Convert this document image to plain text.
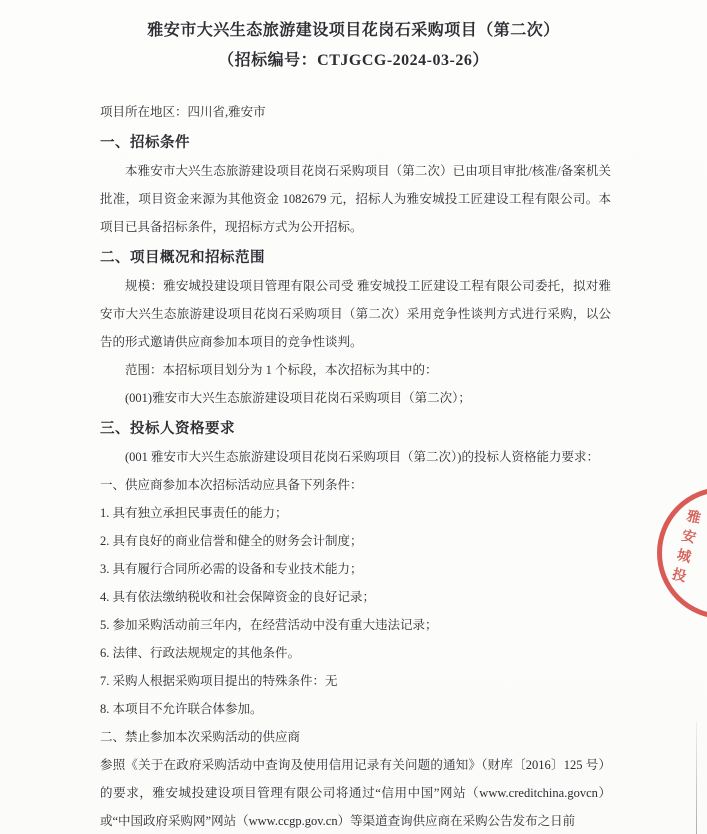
雅安市大兴生态旅游建设项目花岗石采购项目（第二次）
（招标编号：CTJGCG-2024-03-26）

项目所在地区：四川省,雅安市

一、招标条件

本雅安市大兴生态旅游建设项目花岗石采购项目（第二次）已由项目审批/核准/备案机关批准，项目资金来源为其他资金 1082679 元，招标人为雅安城投工匠建设工程有限公司。本项目已具备招标条件，现招标方式为公开招标。

二、项目概况和招标范围

规模：雅安城投建设项目管理有限公司受 雅安城投工匠建设工程有限公司委托，拟对雅安市大兴生态旅游建设项目花岗石采购项目（第二次）采用竞争性谈判方式进行采购，以公告的形式邀请供应商参加本项目的竞争性谈判。

范围：本招标项目划分为 1 个标段，本次招标为其中的：

(001)雅安市大兴生态旅游建设项目花岗石采购项目（第二次）；

三、投标人资格要求

(001 雅安市大兴生态旅游建设项目花岗石采购项目（第二次）)的投标人资格能力要求：

一、供应商参加本次招标活动应具备下列条件：

1. 具有独立承担民事责任的能力；

2. 具有良好的商业信誉和健全的财务会计制度；

3. 具有履行合同所必需的设备和专业技术能力；

4. 具有依法缴纳税收和社会保障资金的良好记录；

5. 参加采购活动前三年内，在经营活动中没有重大违法记录；

6. 法律、行政法规规定的其他条件。

7. 采购人根据采购项目提出的特殊条件：无

8. 本项目不允许联合体参加。

二、禁止参加本次采购活动的供应商

参照《关于在政府采购活动中查询及使用信用记录有关问题的通知》（财库〔2016〕125 号）的要求，雅安城投建设项目管理有限公司将通过“信用中国”网站（www.creditchina.govcn）或“中国政府采购网”网站（www.ccgp.gov.cn）等渠道查询供应商在采购公告发布之日前

雅安城投
